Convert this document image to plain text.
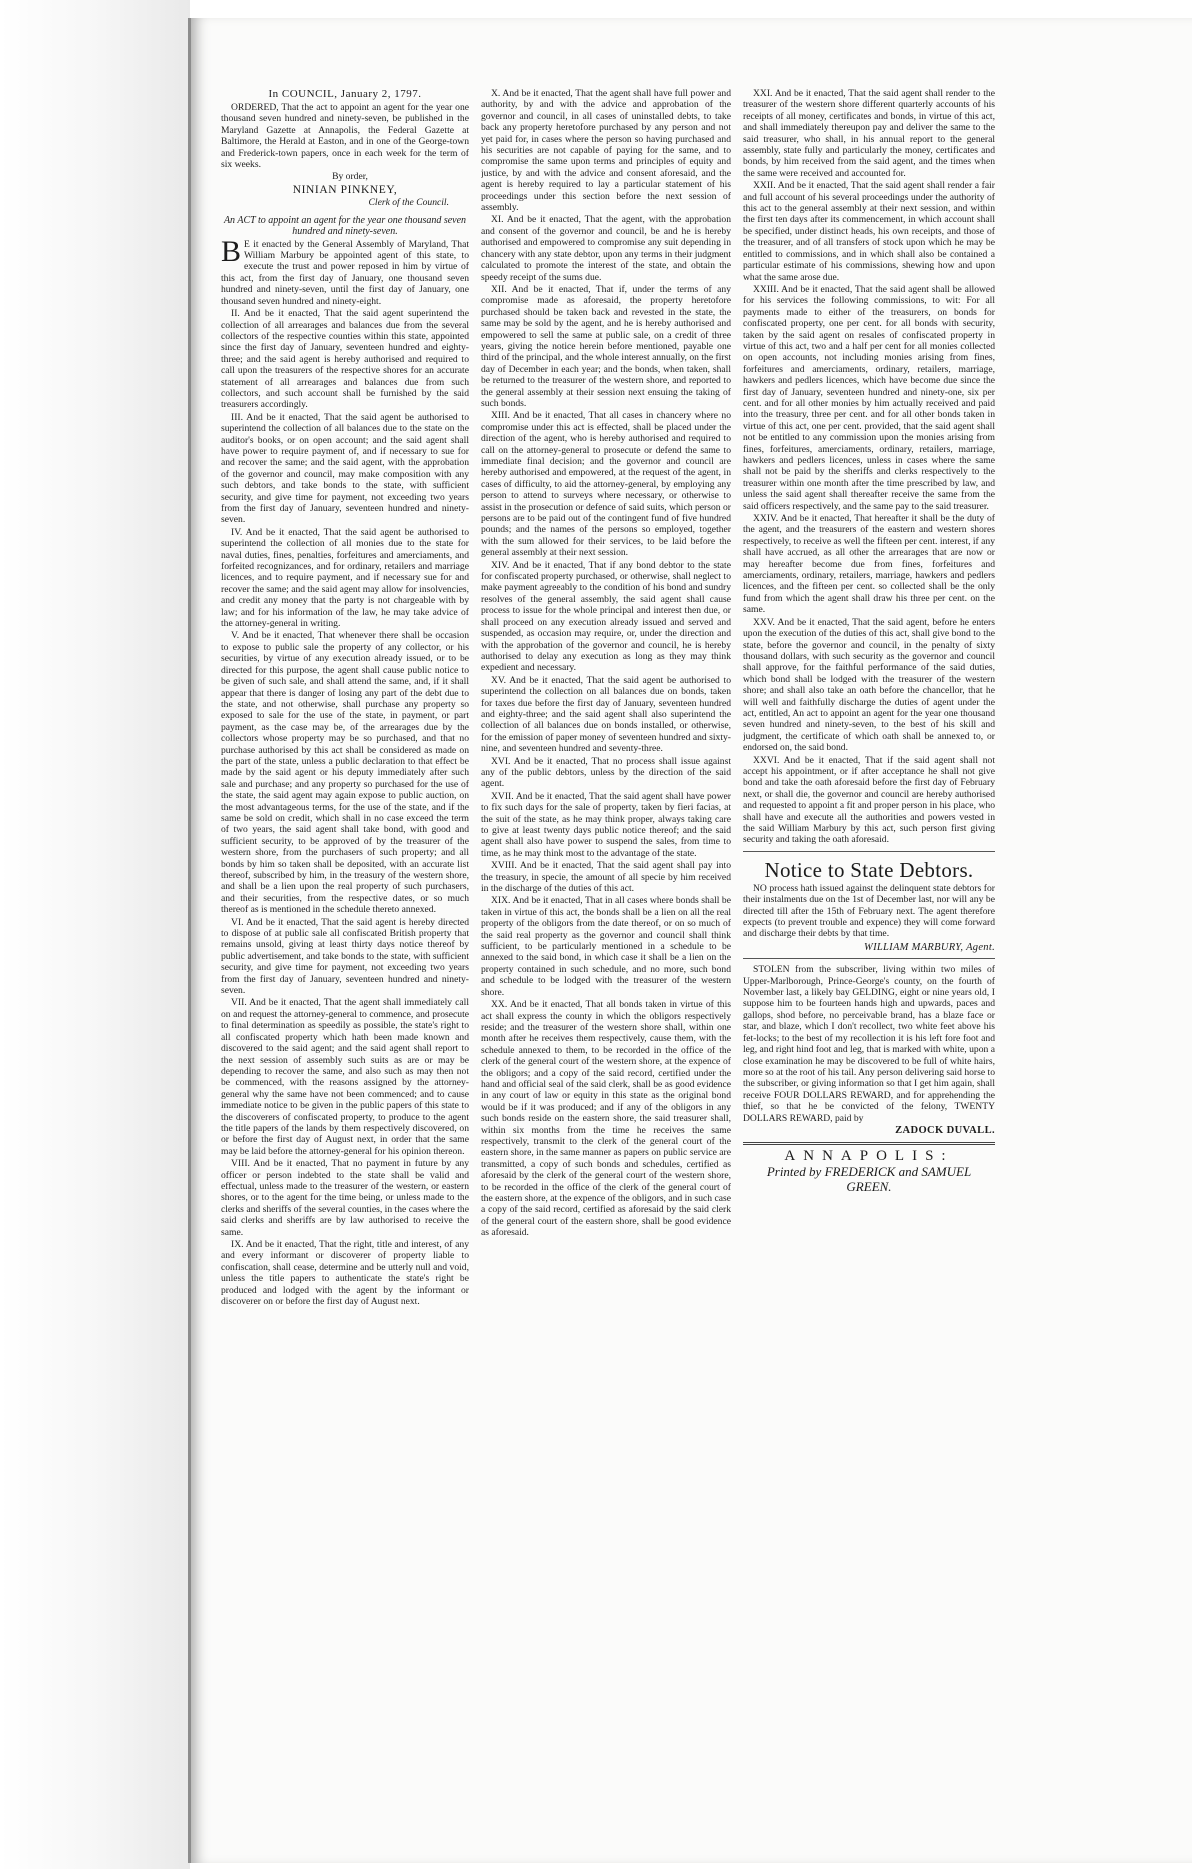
In COUNCIL, January 2, 1797.

ORDERED, That the act to appoint an agent for the year one thousand seven hundred and ninety-seven, be published in the Maryland Gazette at Annapolis, the Federal Gazette at Baltimore, the Herald at Easton, and in one of the George-town and Frederick-town papers, once in each week for the term of six weeks.

By order,

NINIAN PINKNEY,

Clerk of the Council.

An ACT to appoint an agent for the year one thousand seven hundred and ninety-seven.

B E it enacted by the General Assembly of Maryland, That William Marbury be appointed agent of this state, to execute the trust and power reposed in him by virtue of this act, from the first day of January, one thousand seven hundred and ninety-seven, until the first day of January, one thousand seven hundred and ninety-eight.

II. And be it enacted, That the said agent superintend the collection of all arrearages and balances due from the several collectors of the respective counties within this state, appointed since the first day of January, seventeen hundred and eighty-three; and the said agent is hereby authorised and required to call upon the treasurers of the respective shores for an accurate statement of all arrearages and balances due from such collectors, and such account shall be furnished by the said treasurers accordingly.

III. And be it enacted, That the said agent be authorised to superintend the collection of all balances due to the state on the auditor's books, or on open account; and the said agent shall have power to require payment of, and if necessary to sue for and recover the same; and the said agent, with the approbation of the governor and council, may make composition with any such debtors, and take bonds to the state, with sufficient security, and give time for payment, not exceeding two years from the first day of January, seventeen hundred and ninety-seven.

IV. And be it enacted, That the said agent be authorised to superintend the collection of all monies due to the state for naval duties, fines, penalties, forfeitures and amerciaments, and forfeited recognizances, and for ordinary, retailers and marriage licences, and to require payment, and if necessary sue for and recover the same; and the said agent may allow for insolvencies, and credit any money that the party is not chargeable with by law; and for his information of the law, he may take advice of the attorney-general in writing.

V. And be it enacted, That whenever there shall be occasion to expose to public sale the property of any collector, or his securities, by virtue of any execution already issued, or to be directed for this purpose, the agent shall cause public notice to be given of such sale, and shall attend the same, and, if it shall appear that there is danger of losing any part of the debt due to the state, and not otherwise, shall purchase any property so exposed to sale for the use of the state, in payment, or part payment, as the case may be, of the arrearages due by the collectors whose property may be so purchased, and that no purchase authorised by this act shall be considered as made on the part of the state, unless a public declaration to that effect be made by the said agent or his deputy immediately after such sale and purchase; and any property so purchased for the use of the state, the said agent may again expose to public auction, on the most advantageous terms, for the use of the state, and if the same be sold on credit, which shall in no case exceed the term of two years, the said agent shall take bond, with good and sufficient security, to be approved of by the treasurer of the western shore, from the purchasers of such property; and all bonds by him so taken shall be deposited, with an accurate list thereof, subscribed by him, in the treasury of the western shore, and shall be a lien upon the real property of such purchasers, and their securities, from the respective dates, or so much thereof as is mentioned in the schedule thereto annexed.

VI. And be it enacted, That the said agent is hereby directed to dispose of at public sale all confiscated British property that remains unsold, giving at least thirty days notice thereof by public advertisement, and take bonds to the state, with sufficient security, and give time for payment, not exceeding two years from the first day of January, seventeen hundred and ninety-seven.

VII. And be it enacted, That the agent shall immediately call on and request the attorney-general to commence, and prosecute to final determination as speedily as possible, the state's right to all confiscated property which hath been made known and discovered to the said agent; and the said agent shall report to the next session of assembly such suits as are or may be depending to recover the same, and also such as may then not be commenced, with the reasons assigned by the attorney-general why the same have not been commenced; and to cause immediate notice to be given in the public papers of this state to the discoverers of confiscated property, to produce to the agent the title papers of the lands by them respectively discovered, on or before the first day of August next, in order that the same may be laid before the attorney-general for his opinion thereon.

VIII. And be it enacted, That no payment in future by any officer or person indebted to the state shall be valid and effectual, unless made to the treasurer of the western, or eastern shores, or to the agent for the time being, or unless made to the clerks and sheriffs of the several counties, in the cases where the said clerks and sheriffs are by law authorised to receive the same.

IX. And be it enacted, That the right, title and interest, of any and every informant or discoverer of property liable to confiscation, shall cease, determine and be utterly null and void, unless the title papers to authenticate the state's right be produced and lodged with the agent by the informant or discoverer on or before the first day of August next.

X. And be it enacted, That the agent shall have full power and authority, by and with the advice and approbation of the governor and council, in all cases of uninstalled debts, to take back any property heretofore purchased by any person and not yet paid for, in cases where the person so having purchased and his securities are not capable of paying for the same, and to compromise the same upon terms and principles of equity and justice, by and with the advice and consent aforesaid, and the agent is hereby required to lay a particular statement of his proceedings under this section before the next session of assembly.

XI. And be it enacted, That the agent, with the approbation and consent of the governor and council, be and he is hereby authorised and empowered to compromise any suit depending in chancery with any state debtor, upon any terms in their judgment calculated to promote the interest of the state, and obtain the speedy receipt of the sums due.

XII. And be it enacted, That if, under the terms of any compromise made as aforesaid, the property heretofore purchased should be taken back and revested in the state, the same may be sold by the agent, and he is hereby authorised and empowered to sell the same at public sale, on a credit of three years, giving the notice herein before mentioned, payable one third of the principal, and the whole interest annually, on the first day of December in each year; and the bonds, when taken, shall be returned to the treasurer of the western shore, and reported to the general assembly at their session next ensuing the taking of such bonds.

XIII. And be it enacted, That all cases in chancery where no compromise under this act is effected, shall be placed under the direction of the agent, who is hereby authorised and required to call on the attorney-general to prosecute or defend the same to immediate final decision; and the governor and council are hereby authorised and empowered, at the request of the agent, in cases of difficulty, to aid the attorney-general, by employing any person to attend to surveys where necessary, or otherwise to assist in the prosecution or defence of said suits, which person or persons are to be paid out of the contingent fund of five hundred pounds; and the names of the persons so employed, together with the sum allowed for their services, to be laid before the general assembly at their next session.

XIV. And be it enacted, That if any bond debtor to the state for confiscated property purchased, or otherwise, shall neglect to make payment agreeably to the condition of his bond and sundry resolves of the general assembly, the said agent shall cause process to issue for the whole principal and interest then due, or shall proceed on any execution already issued and served and suspended, as occasion may require, or, under the direction and with the approbation of the governor and council, he is hereby authorised to delay any execution as long as they may think expedient and necessary.

XV. And be it enacted, That the said agent be authorised to superintend the collection on all balances due on bonds, taken for taxes due before the first day of January, seventeen hundred and eighty-three; and the said agent shall also superintend the collection of all balances due on bonds installed, or otherwise, for the emission of paper money of seventeen hundred and sixty-nine, and seventeen hundred and seventy-three.

XVI. And be it enacted, That no process shall issue against any of the public debtors, unless by the direction of the said agent.

XVII. And be it enacted, That the said agent shall have power to fix such days for the sale of property, taken by fieri facias, at the suit of the state, as he may think proper, always taking care to give at least twenty days public notice thereof; and the said agent shall also have power to suspend the sales, from time to time, as he may think most to the advantage of the state.

XVIII. And be it enacted, That the said agent shall pay into the treasury, in specie, the amount of all specie by him received in the discharge of the duties of this act.

XIX. And be it enacted, That in all cases where bonds shall be taken in virtue of this act, the bonds shall be a lien on all the real property of the obligors from the date thereof, or on so much of the said real property as the governor and council shall think sufficient, to be particularly mentioned in a schedule to be annexed to the said bond, in which case it shall be a lien on the property contained in such schedule, and no more, such bond and schedule to be lodged with the treasurer of the western shore.

XX. And be it enacted, That all bonds taken in virtue of this act shall express the county in which the obligors respectively reside; and the treasurer of the western shore shall, within one month after he receives them respectively, cause them, with the schedule annexed to them, to be recorded in the office of the clerk of the general court of the western shore, at the expence of the obligors; and a copy of the said record, certified under the hand and official seal of the said clerk, shall be as good evidence in any court of law or equity in this state as the original bond would be if it was produced; and if any of the obligors in any such bonds reside on the eastern shore, the said treasurer shall, within six months from the time he receives the same respectively, transmit to the clerk of the general court of the eastern shore, in the same manner as papers on public service are transmitted, a copy of such bonds and schedules, certified as aforesaid by the clerk of the general court of the western shore, to be recorded in the office of the clerk of the general court of the eastern shore, at the expence of the obligors, and in such case a copy of the said record, certified as aforesaid by the said clerk of the general court of the eastern shore, shall be good evidence as aforesaid.

XXI. And be it enacted, That the said agent shall render to the treasurer of the western shore different quarterly accounts of his receipts of all money, certificates and bonds, in virtue of this act, and shall immediately thereupon pay and deliver the same to the said treasurer, who shall, in his annual report to the general assembly, state fully and particularly the money, certificates and bonds, by him received from the said agent, and the times when the same were received and accounted for.

XXII. And be it enacted, That the said agent shall render a fair and full account of his several proceedings under the authority of this act to the general assembly at their next session, and within the first ten days after its commencement, in which account shall be specified, under distinct heads, his own receipts, and those of the treasurer, and of all transfers of stock upon which he may be entitled to commissions, and in which shall also be contained a particular estimate of his commissions, shewing how and upon what the same arose due.

XXIII. And be it enacted, That the said agent shall be allowed for his services the following commissions, to wit: For all payments made to either of the treasurers, on bonds for confiscated property, one per cent. for all bonds with security, taken by the said agent on resales of confiscated property in virtue of this act, two and a half per cent for all monies collected on open accounts, not including monies arising from fines, forfeitures and amerciaments, ordinary, retailers, marriage, hawkers and pedlers licences, which have become due since the first day of January, seventeen hundred and ninety-one, six per cent. and for all other monies by him actually received and paid into the treasury, three per cent. and for all other bonds taken in virtue of this act, one per cent. provided, that the said agent shall not be entitled to any commission upon the monies arising from fines, forfeitures, amerciaments, ordinary, retailers, marriage, hawkers and pedlers licences, unless in cases where the same shall not be paid by the sheriffs and clerks respectively to the treasurer within one month after the time prescribed by law, and unless the said agent shall thereafter receive the same from the said officers respectively, and the same pay to the said treasurer.

XXIV. And be it enacted, That hereafter it shall be the duty of the agent, and the treasurers of the eastern and western shores respectively, to receive as well the fifteen per cent. interest, if any shall have accrued, as all other the arrearages that are now or may hereafter become due from fines, forfeitures and amerciaments, ordinary, retailers, marriage, hawkers and pedlers licences, and the fifteen per cent. so collected shall be the only fund from which the agent shall draw his three per cent. on the same.

XXV. And be it enacted, That the said agent, before he enters upon the execution of the duties of this act, shall give bond to the state, before the governor and council, in the penalty of sixty thousand dollars, with such security as the governor and council shall approve, for the faithful performance of the said duties, which bond shall be lodged with the treasurer of the western shore; and shall also take an oath before the chancellor, that he will well and faithfully discharge the duties of agent under the act, entitled, An act to appoint an agent for the year one thousand seven hundred and ninety-seven, to the best of his skill and judgment, the certificate of which oath shall be annexed to, or endorsed on, the said bond.

XXVI. And be it enacted, That if the said agent shall not accept his appointment, or if after acceptance he shall not give bond and take the oath aforesaid before the first day of February next, or shall die, the governor and council are hereby authorised and requested to appoint a fit and proper person in his place, who shall have and execute all the authorities and powers vested in the said William Marbury by this act, such person first giving security and taking the oath aforesaid.

Notice to State Debtors.

NO process hath issued against the delinquent state debtors for their instalments due on the 1st of December last, nor will any be directed till after the 15th of February next. The agent therefore expects (to prevent trouble and expence) they will come forward and discharge their debts by that time.

WILLIAM MARBURY, Agent.

STOLEN from the subscriber, living within two miles of Upper-Marlborough, Prince-George's county, on the fourth of November last, a likely bay GELDING, eight or nine years old, I suppose him to be fourteen hands high and upwards, paces and gallops, shod before, no perceivable brand, has a blaze face or star, and blaze, which I don't recollect, two white feet above his fet-locks; to the best of my recollection it is his left fore foot and leg, and right hind foot and leg, that is marked with white, upon a close examination he may be discovered to be full of white hairs, more so at the root of his tail. Any person delivering said horse to the subscriber, or giving information so that I get him again, shall receive FOUR DOLLARS REWARD, and for apprehending the thief, so that he be convicted of the felony, TWENTY DOLLARS REWARD, paid by

ZADOCK DUVALL.

ANNAPOLIS:

Printed by FREDERICK and SAMUEL GREEN.
